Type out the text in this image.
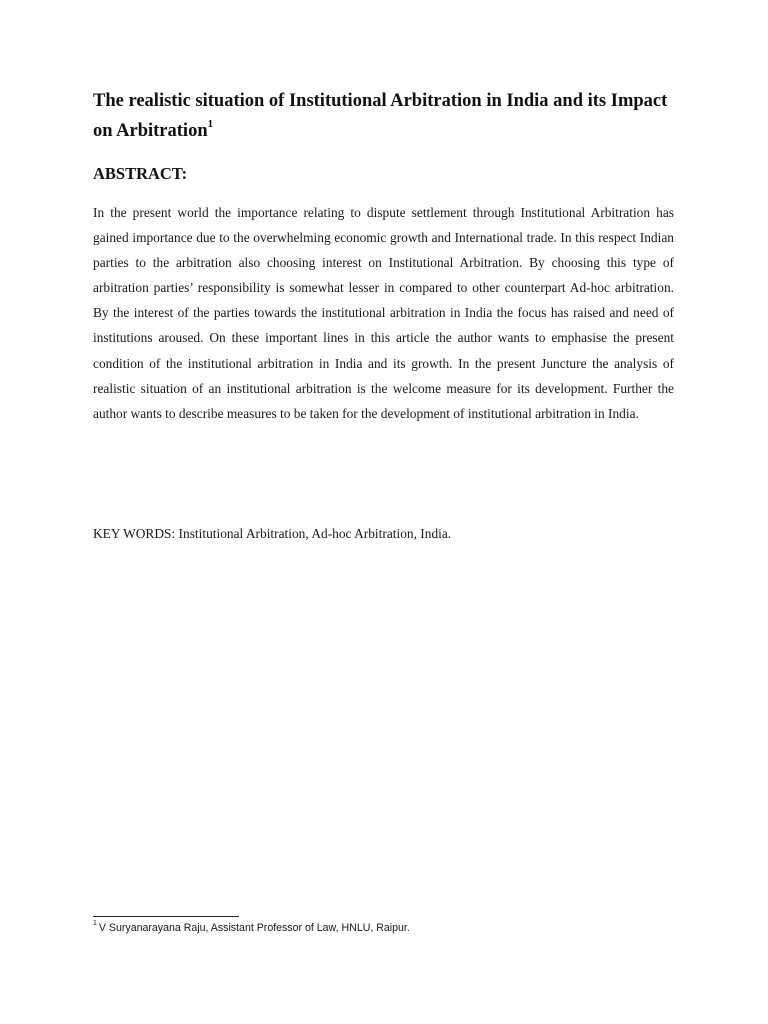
The realistic situation of Institutional Arbitration in India and its Impact on Arbitration$^1$
ABSTRACT:

In the present world the importance relating to dispute settlement through Institutional Arbitration has gained importance due to the overwhelming economic growth and International trade. In this respect Indian parties to the arbitration also choosing interest on Institutional Arbitration. By choosing this type of arbitration parties’ responsibility is somewhat lesser in compared to other counterpart Ad-hoc arbitration. By the interest of the parties towards the institutional arbitration in India the focus has raised and need of institutions aroused. On these important lines in this article the author wants to emphasise the present condition of the institutional arbitration in India and its growth. In the present Juncture the analysis of realistic situation of an institutional arbitration is the welcome measure for its development. Further the author wants to describe measures to be taken for the development of institutional arbitration in India.

KEY WORDS: Institutional Arbitration, Ad-hoc Arbitration, India.

$^1$ V Suryanarayana Raju, Assistant Professor of Law, HNLU, Raipur.
